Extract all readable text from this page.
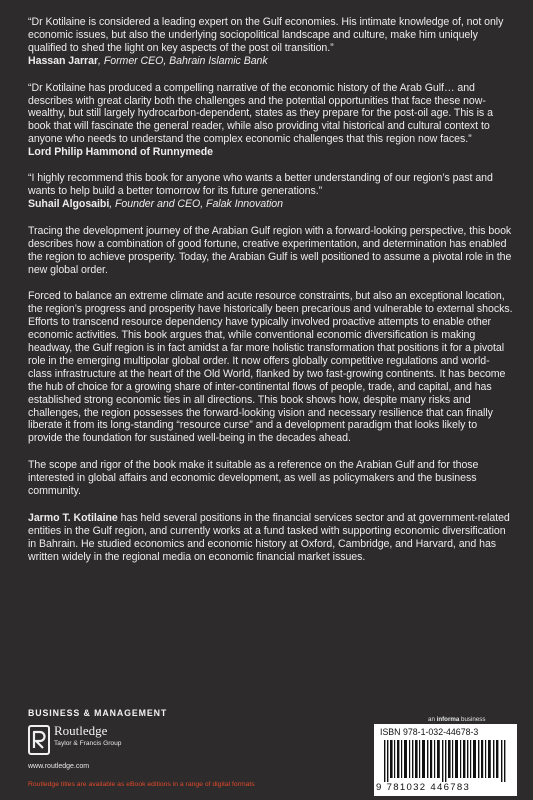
“Dr Kotilaine is considered a leading expert on the Gulf economies. His intimate knowledge of, not only economic issues, but also the underlying sociopolitical landscape and culture, make him uniquely qualified to shed the light on key aspects of the post oil transition.”

Hassan Jarrar, Former CEO, Bahrain Islamic Bank

“Dr Kotilaine has produced a compelling narrative of the economic history of the Arab Gulf… and describes with great clarity both the challenges and the potential opportunities that face these now-wealthy, but still largely hydrocarbon-dependent, states as they prepare for the post-oil age. This is a book that will fascinate the general reader, while also providing vital historical and cultural context to anyone who needs to understand the complex economic challenges that this region now faces.”

Lord Philip Hammond of Runnymede

“I highly recommend this book for anyone who wants a better understanding of our region’s past and wants to help build a better tomorrow for its future generations.”

Suhail Algosaibi, Founder and CEO, Falak Innovation

Tracing the development journey of the Arabian Gulf region with a forward-looking perspective, this book describes how a combination of good fortune, creative experimentation, and determination has enabled the region to achieve prosperity. Today, the Arabian Gulf is well positioned to assume a pivotal role in the new global order.

Forced to balance an extreme climate and acute resource constraints, but also an exceptional location, the region’s progress and prosperity have historically been precarious and vulnerable to external shocks. Efforts to transcend resource dependency have typically involved proactive attempts to enable other economic activities. This book argues that, while conventional economic diversification is making headway, the Gulf region is in fact amidst a far more holistic transformation that positions it for a pivotal role in the emerging multipolar global order. It now offers globally competitive regulations and world-class infrastructure at the heart of the Old World, flanked by two fast-growing continents. It has become the hub of choice for a growing share of inter-continental flows of people, trade, and capital, and has established strong economic ties in all directions. This book shows how, despite many risks and challenges, the region possesses the forward-looking vision and necessary resilience that can finally liberate it from its long-standing “resource curse” and a development paradigm that looks likely to provide the foundation for sustained well-being in the decades ahead.

The scope and rigor of the book make it suitable as a reference on the Arabian Gulf and for those interested in global affairs and economic development, as well as policymakers and the business community.

Jarmo T. Kotilaine has held several positions in the financial services sector and at government-related entities in the Gulf region, and currently works at a fund tasked with supporting economic diversification in Bahrain. He studied economics and economic history at Oxford, Cambridge, and Harvard, and has written widely in the regional media on economic financial market issues.

BUSINESS & MANAGEMENT
an informa business
Routledge
Taylor & Francis Group
www.routledge.com
Routledge titles are available as eBook editions in a range of digital formats
ISBN 978-1-032-44678-3
9 781032 446783
